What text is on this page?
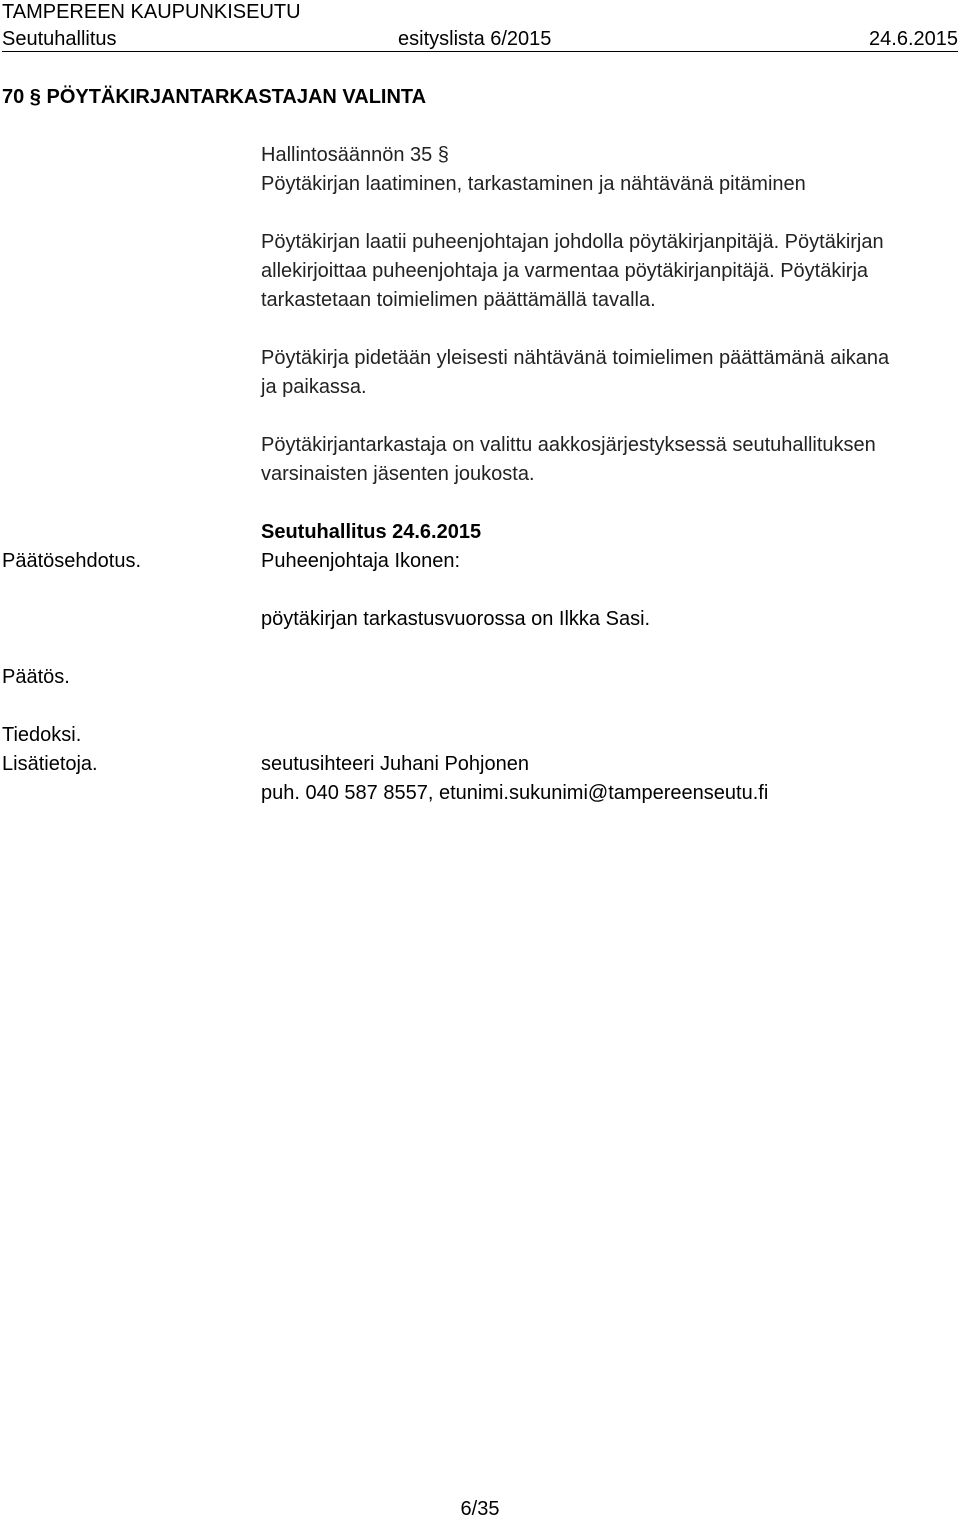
TAMPEREEN KAUPUNKISEUTU
Seutuhallitus	esityslista 6/2015	24.6.2015
70 § PÖYTÄKIRJANTARKASTAJAN VALINTA
Hallintosäännön 35 §
Pöytäkirjan laatiminen, tarkastaminen ja nähtävänä pitäminen
Pöytäkirjan laatii puheenjohtajan johdolla pöytäkirjanpitäjä. Pöytäkirjan
allekirjoittaa puheenjohtaja ja varmentaa pöytäkirjanpitäjä. Pöytäkirja
tarkastetaan toimielimen päättämällä tavalla.
Pöytäkirja pidetään yleisesti nähtävänä toimielimen päättämänä aikana
ja paikassa.
Pöytäkirjantarkastaja on valittu aakkosjärjestyksessä seutuhallituksen
varsinaisten jäsenten joukosta.
Seutuhallitus 24.6.2015
Päätösehdotus.	Puheenjohtaja Ikonen:
pöytäkirjan tarkastusvuorossa on Ilkka Sasi.
Päätös.
Tiedoksi.
Lisätietoja.	seutusihteeri Juhani Pohjonen
puh. 040 587 8557, etunimi.sukunimi@tampereenseutu.fi
6/35
